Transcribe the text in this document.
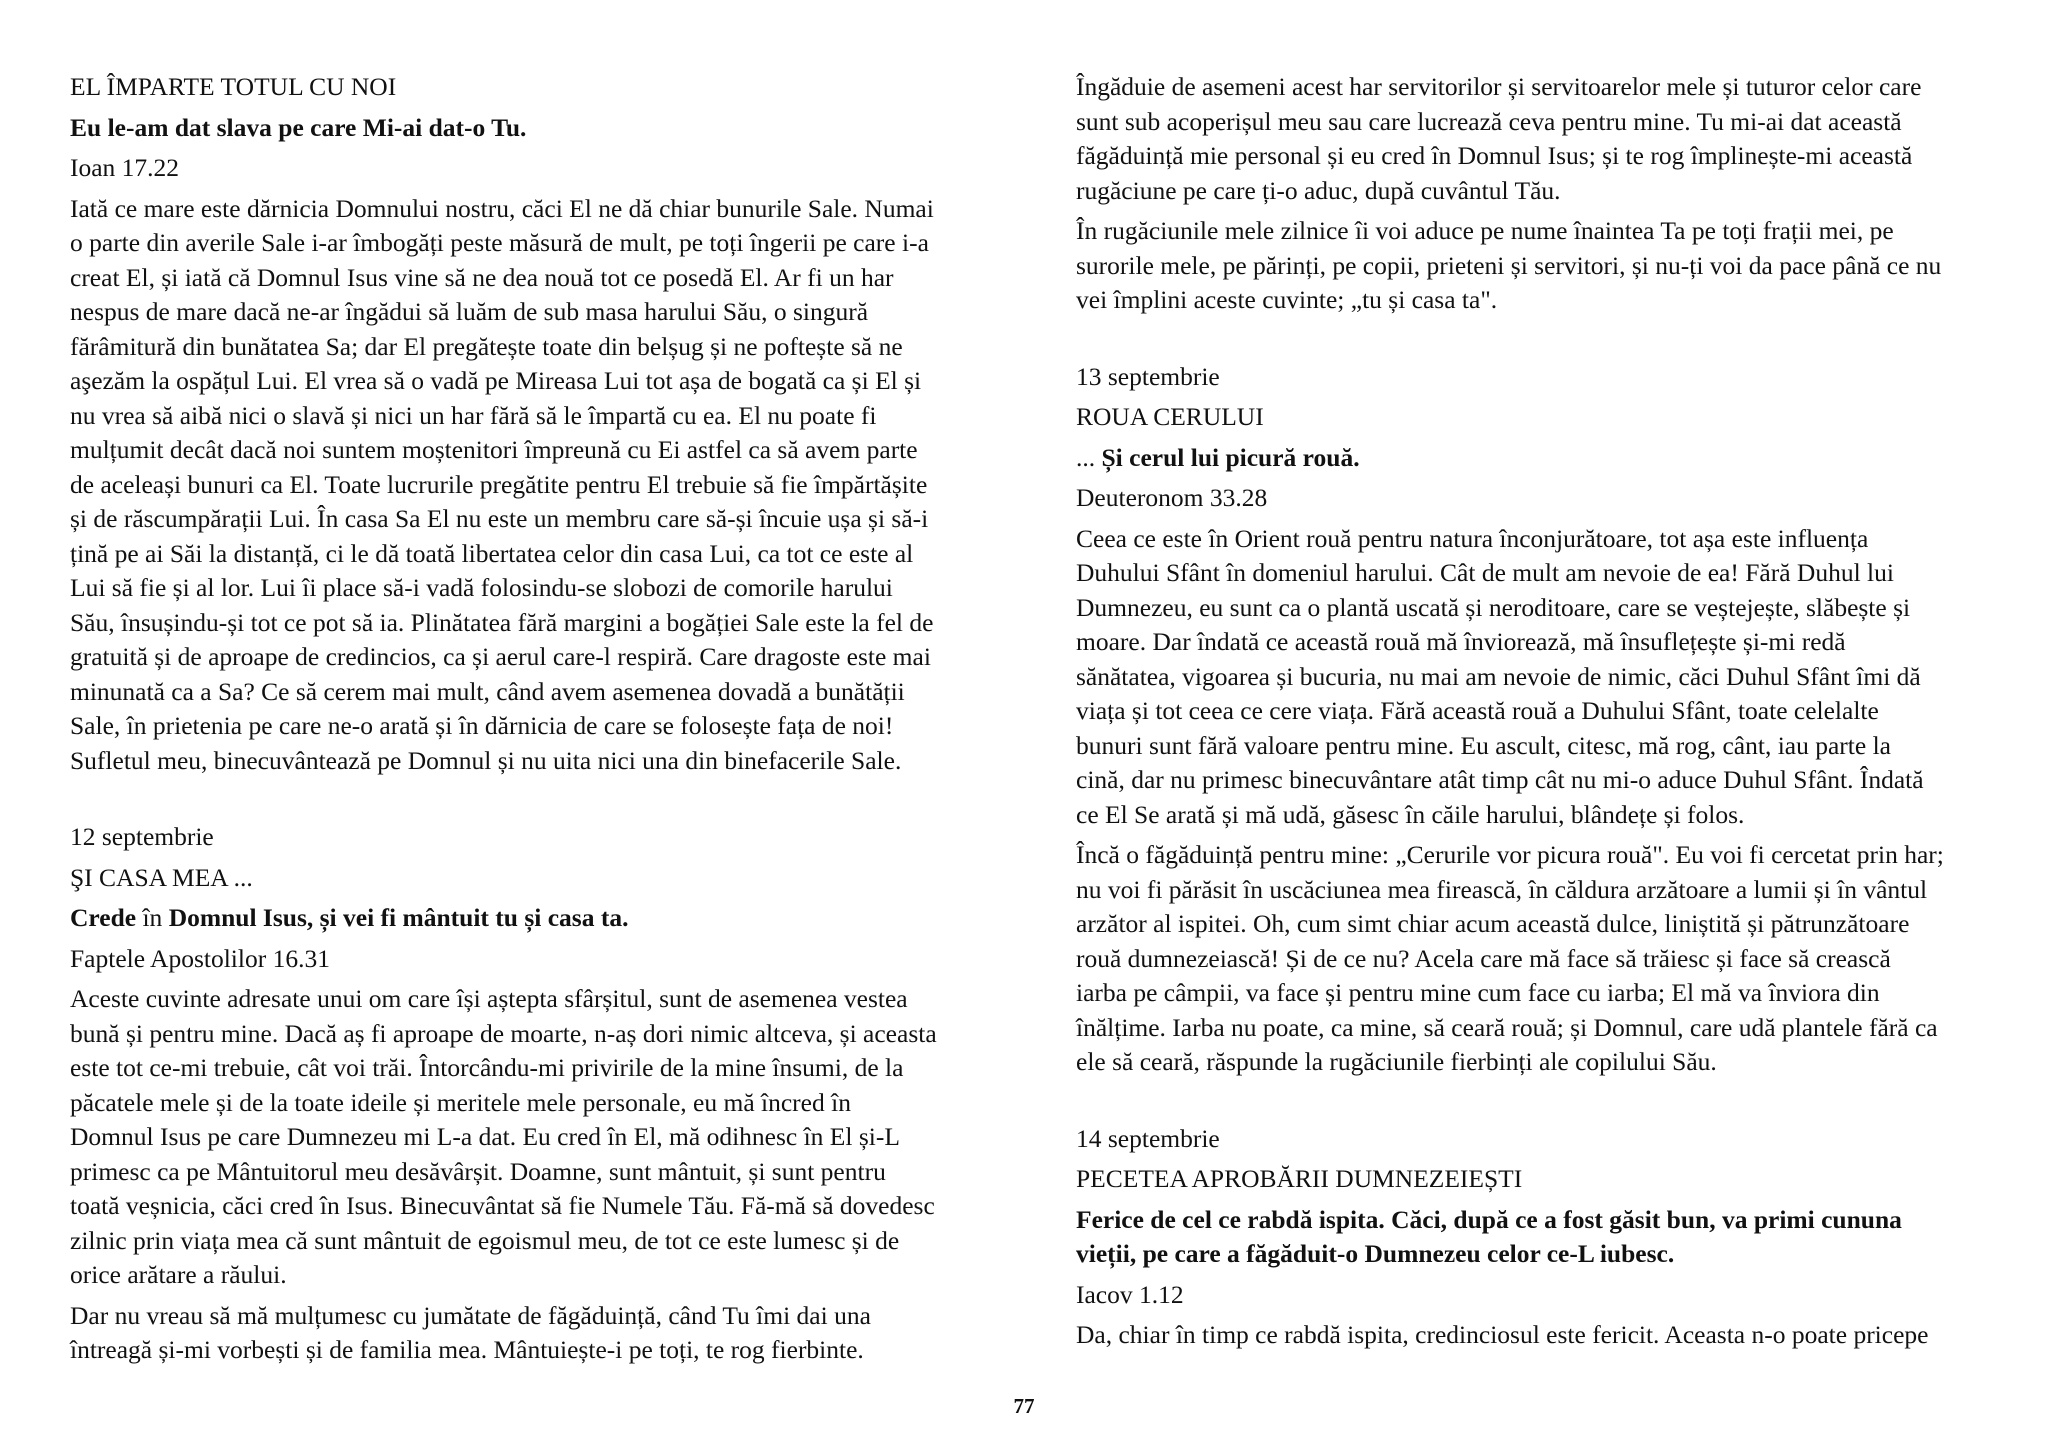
EL ÎMPARTE TOTUL CU NOI

Eu le-am dat slava pe care Mi-ai dat-o Tu.

Ioan 17.22

Iată ce mare este dărnicia Domnului nostru, căci El ne dă chiar bunurile Sale. Numai
o parte din averile Sale i-ar îmbogăți peste măsură de mult, pe toți îngerii pe care i-a
creat El, și iată că Domnul Isus vine să ne dea nouă tot ce posedă El. Ar fi un har
nespus de mare dacă ne-ar îngădui să luăm de sub masa harului Său, o singură
fărâmitură din bunătatea Sa; dar El pregătește toate din belșug și ne poftește să ne
aşezăm la ospățul Lui. El vrea să o vadă pe Mireasa Lui tot așa de bogată ca și El și
nu vrea să aibă nici o slavă și nici un har fără să le împartă cu ea. El nu poate fi
mulțumit decât dacă noi suntem moștenitori împreună cu Ei astfel ca să avem parte
de aceleași bunuri ca El. Toate lucrurile pregătite pentru El trebuie să fie împărtășite
și de răscumpărații Lui. În casa Sa El nu este un membru care să-și încuie ușa și să-i
țină pe ai Săi la distanță, ci le dă toată libertatea celor din casa Lui, ca tot ce este al
Lui să fie și al lor. Lui îi place să-i vadă folosindu-se slobozi de comorile harului
Său, însușindu-și tot ce pot să ia. Plinătatea fără margini a bogăției Sale este la fel de
gratuită și de aproape de credincios, ca și aerul care-l respiră. Care dragoste este mai
minunată ca a Sa? Ce să cerem mai mult, când avem asemenea dovadă a bunătății
Sale, în prietenia pe care ne-o arată și în dărnicia de care se folosește fața de noi!
Sufletul meu, binecuvântează pe Domnul și nu uita nici una din binefacerile Sale.

12 septembrie

ŞI CASA MEA ...

Crede în Domnul Isus, și vei fi mântuit tu și casa ta.

Faptele Apostolilor 16.31

Aceste cuvinte adresate unui om care își aștepta sfârșitul, sunt de asemenea vestea
bună și pentru mine. Dacă aș fi aproape de moarte, n-aș dori nimic altceva, și aceasta
este tot ce-mi trebuie, cât voi trăi. Întorcându-mi privirile de la mine însumi, de la
păcatele mele și de la toate ideile și meritele mele personale, eu mă încred în
Domnul Isus pe care Dumnezeu mi L-a dat. Eu cred în El, mă odihnesc în El și-L
primesc ca pe Mântuitorul meu desăvârșit. Doamne, sunt mântuit, și sunt pentru
toată veșnicia, căci cred în Isus. Binecuvântat să fie Numele Tău. Fă-mă să dovedesc
zilnic prin viața mea că sunt mântuit de egoismul meu, de tot ce este lumesc și de
orice arătare a răului.

Dar nu vreau să mă mulțumesc cu jumătate de făgăduință, când Tu îmi dai una
întreagă și-mi vorbești și de familia mea. Mântuiește-i pe toți, te rog fierbinte.

Îngăduie de asemeni acest har servitorilor și servitoarelor mele și tuturor celor care
sunt sub acoperișul meu sau care lucrează ceva pentru mine. Tu mi-ai dat această
făgăduință mie personal și eu cred în Domnul Isus; și te rog împlinește-mi această
rugăciune pe care ți-o aduc, după cuvântul Tău.

În rugăciunile mele zilnice îi voi aduce pe nume înaintea Ta pe toți frații mei, pe
surorile mele, pe părinți, pe copii, prieteni și servitori, și nu-ți voi da pace până ce nu
vei împlini aceste cuvinte; „tu și casa ta".

13 septembrie

ROUA CERULUI

... Și cerul lui picură rouă.

Deuteronom 33.28

Ceea ce este în Orient rouă pentru natura înconjurătoare, tot așa este influența
Duhului Sfânt în domeniul harului. Cât de mult am nevoie de ea! Fără Duhul lui
Dumnezeu, eu sunt ca o plantă uscată și neroditoare, care se veștejește, slăbește și
moare. Dar îndată ce această rouă mă înviorează, mă însuflețește și-mi redă
sănătatea, vigoarea și bucuria, nu mai am nevoie de nimic, căci Duhul Sfânt îmi dă
viața și tot ceea ce cere viața. Fără această rouă a Duhului Sfânt, toate celelalte
bunuri sunt fără valoare pentru mine. Eu ascult, citesc, mă rog, cânt, iau parte la
cină, dar nu primesc binecuvântare atât timp cât nu mi-o aduce Duhul Sfânt. Îndată
ce El Se arată și mă udă, găsesc în căile harului, blândețe și folos.

Încă o făgăduință pentru mine: „Cerurile vor picura rouă". Eu voi fi cercetat prin har;
nu voi fi părăsit în uscăciunea mea firească, în căldura arzătoare a lumii și în vântul
arzător al ispitei. Oh, cum simt chiar acum această dulce, liniștită și pătrunzătoare
rouă dumnezeiască! Și de ce nu? Acela care mă face să trăiesc și face să crească
iarba pe câmpii, va face și pentru mine cum face cu iarba; El mă va înviora din
înălțime. Iarba nu poate, ca mine, să ceară rouă; și Domnul, care udă plantele fără ca
ele să ceară, răspunde la rugăciunile fierbinți ale copilului Său.

14 septembrie

PECETEA APROBĂRII DUMNEZEIEȘTI

Ferice de cel ce rabdă ispita. Căci, după ce a fost găsit bun, va primi cununa
vieții, pe care a făgăduit-o Dumnezeu celor ce-L iubesc.

Iacov 1.12

Da, chiar în timp ce rabdă ispita, credinciosul este fericit. Aceasta n-o poate pricepe

77
